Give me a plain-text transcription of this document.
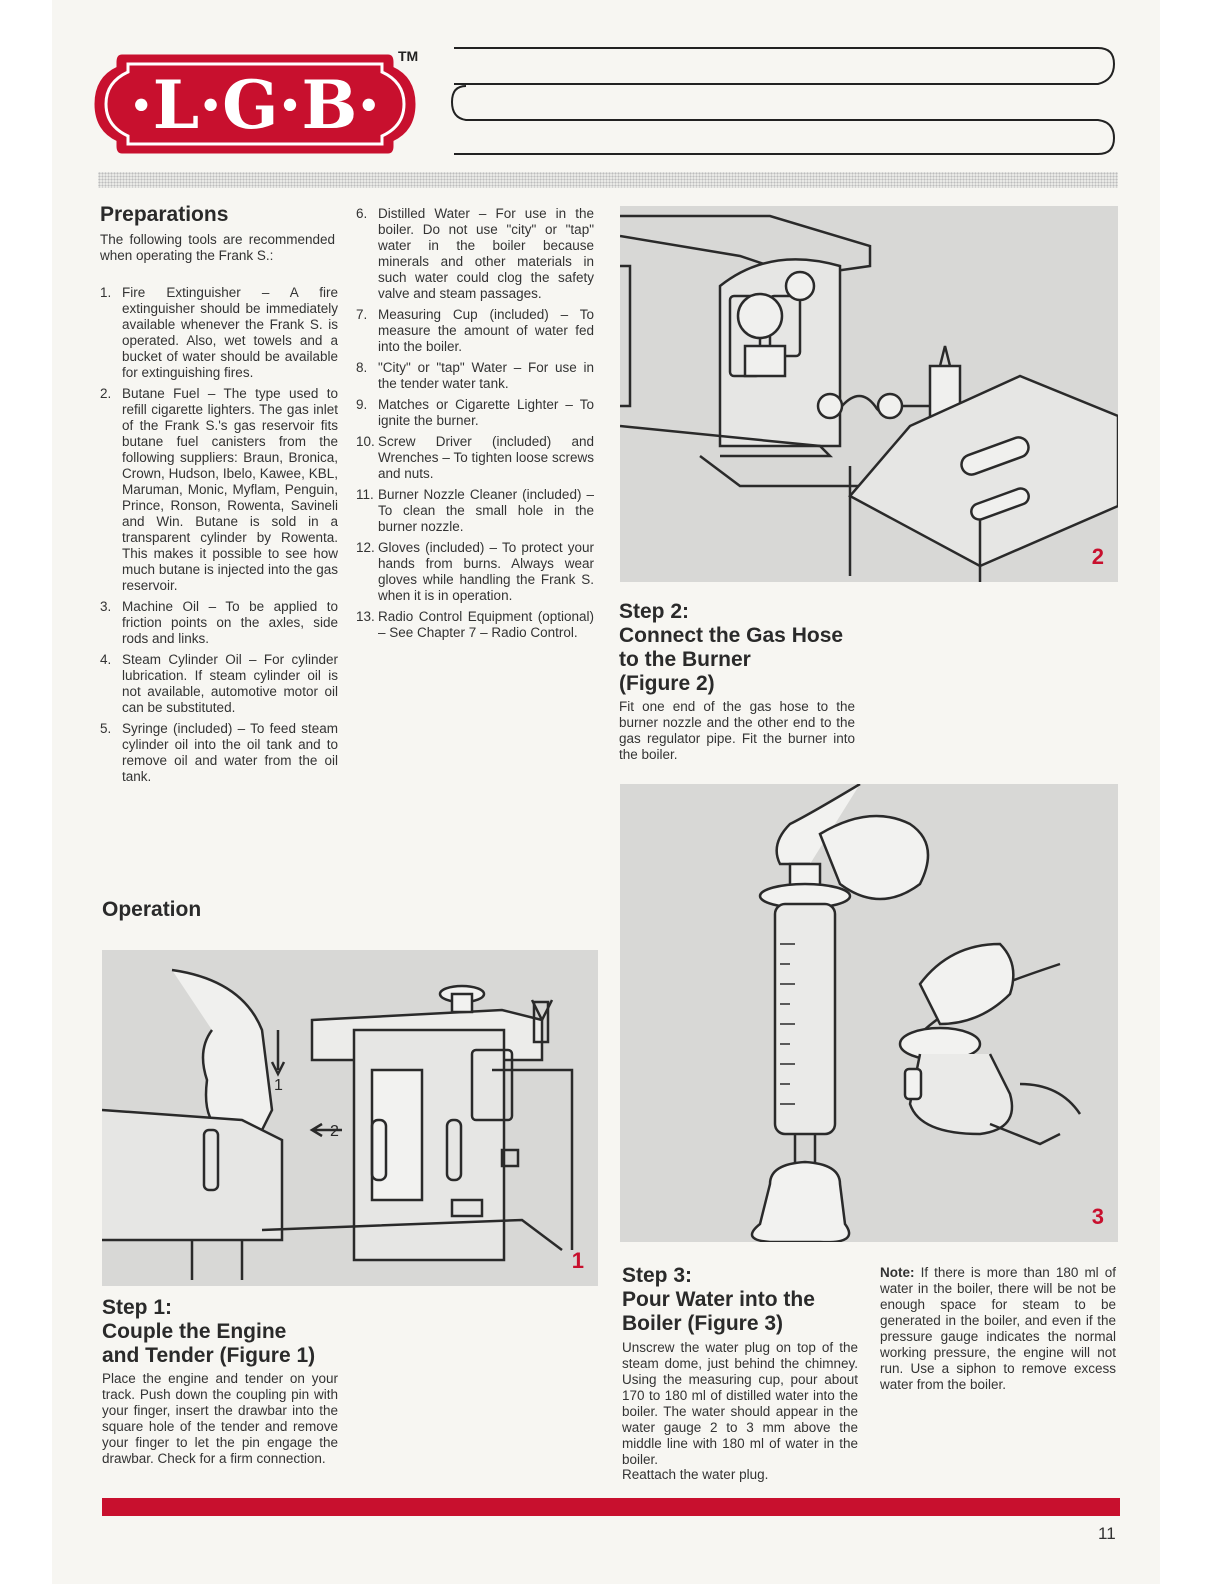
·L·G·B·
TM
Preparations

The following tools are recommended when operating the Frank S.:

1. Fire Extinguisher – A fire extinguisher should be immediately available whenever the Frank S. is operated. Also, wet towels and a bucket of water should be available for extinguishing fires.
2. Butane Fuel – The type used to refill cigarette lighters. The gas inlet of the Frank S.'s gas reservoir fits butane fuel canisters from the following suppliers: Braun, Bronica, Crown, Hudson, Ibelo, Kawee, KBL, Maruman, Monic, Myflam, Penguin, Prince, Ronson, Rowenta, Savineli and Win. Butane is sold in a transparent cylinder by Rowenta. This makes it possible to see how much butane is injected into the gas reservoir.
3. Machine Oil – To be applied to friction points on the axles, side rods and links.
4. Steam Cylinder Oil – For cylinder lubrication. If steam cylinder oil is not available, automotive motor oil can be substituted.
5. Syringe (included) – To feed steam cylinder oil into the oil tank and to remove oil and water from the oil tank.
6. Distilled Water – For use in the boiler. Do not use "city" or "tap" water in the boiler because minerals and other materials in such water could clog the safety valve and steam passages.
7. Measuring Cup (included) – To measure the amount of water fed into the boiler.
8. "City" or "tap" Water – For use in the tender water tank.
9. Matches or Cigarette Lighter – To ignite the burner.
10. Screw Driver (included) and Wrenches – To tighten loose screws and nuts.
11. Burner Nozzle Cleaner (included) – To clean the small hole in the burner nozzle.
12. Gloves (included) – To protect your hands from burns. Always wear gloves while handling the Frank S. when it is in operation.
13. Radio Control Equipment (optional) – See Chapter 7 – Radio Control.
2
Step 2:
Connect the Gas Hose
to the Burner
(Figure 2)

Fit one end of the gas hose to the burner nozzle and the other end to the gas regulator pipe. Fit the burner into the boiler.

3
Operation
1
2
1
Step 1:
Couple the Engine
and Tender (Figure 1)

Place the engine and tender on your track. Push down the coupling pin with your finger, insert the drawbar into the square hole of the tender and remove your finger to let the pin engage the drawbar. Check for a firm connection.

Step 3:
Pour Water into the
Boiler (Figure 3)

Unscrew the water plug on top of the steam dome, just behind the chimney. Using the measuring cup, pour about 170 to 180 ml of distilled water into the boiler. The water should appear in the water gauge 2 to 3 mm above the middle line with 180 ml of water in the boiler.

Reattach the water plug.

Note: If there is more than 180 ml of water in the boiler, there will be not be enough space for steam to be generated in the boiler, and even if the pressure gauge indicates the normal working pressure, the engine will not run. Use a siphon to remove excess water from the boiler.

11
